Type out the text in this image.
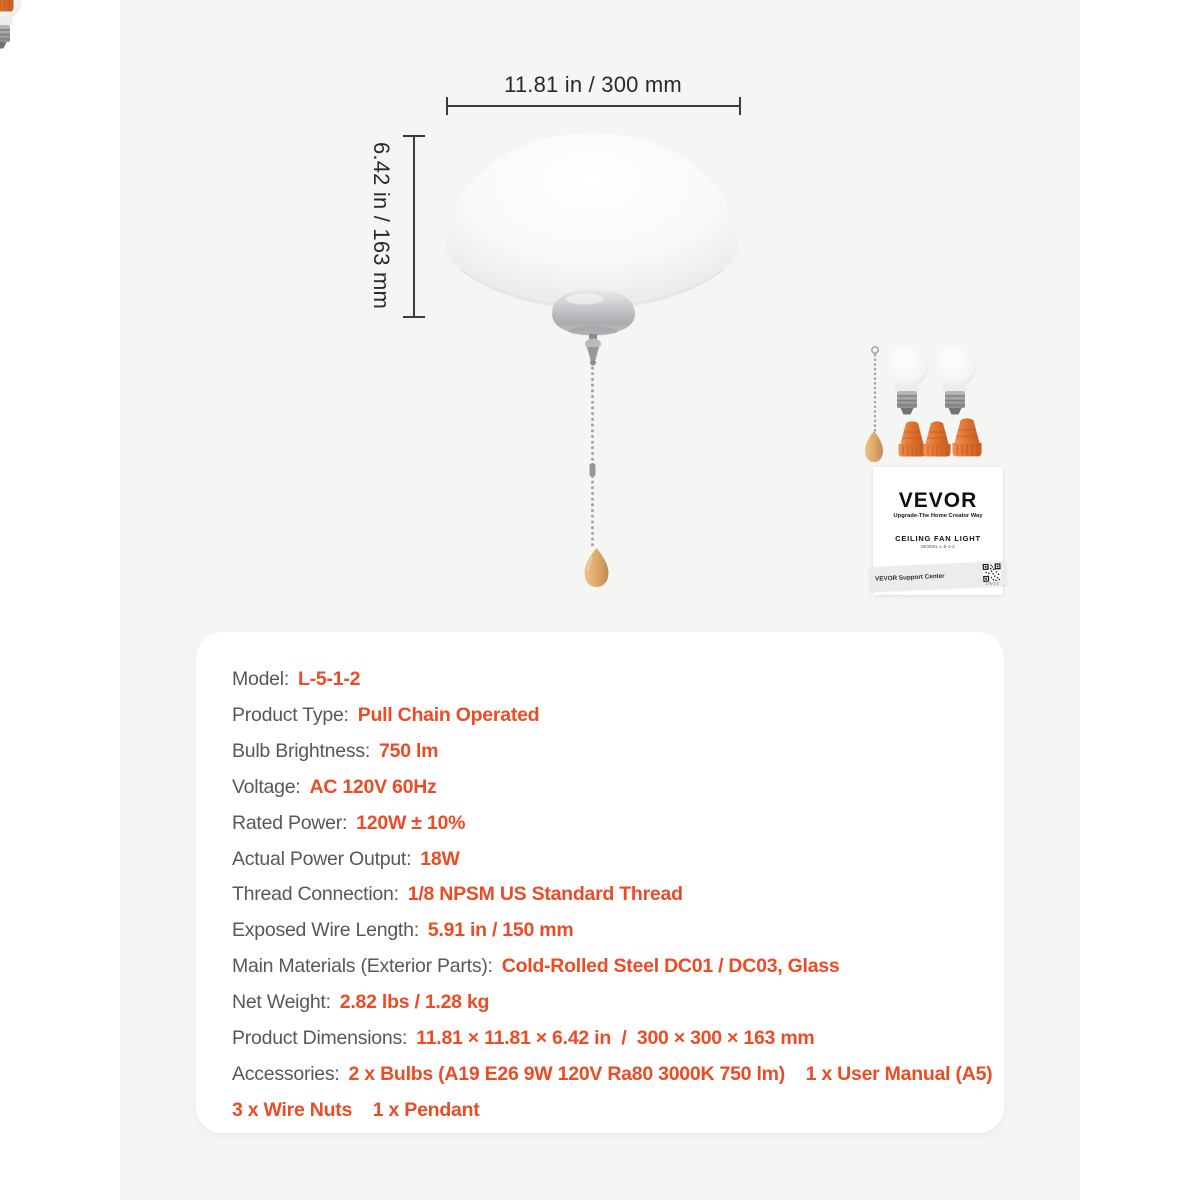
11.81 in / 300 mm
6.42 in / 163 mm
VEVOR
Upgrade-The Home Creator Way
CEILING FAN LIGHT
MODEL L-5-1-2
VEVOR Support Center
L-5-1-2
Model: L-5-1-2
Product Type: Pull Chain Operated
Bulb Brightness: 750 lm
Voltage: AC 120V 60Hz
Rated Power: 120W ± 10%
Actual Power Output: 18W
Thread Connection: 1/8 NPSM US Standard Thread
Exposed Wire Length: 5.91 in / 150 mm
Main Materials (Exterior Parts): Cold-Rolled Steel DC01 / DC03, Glass
Net Weight: 2.82 lbs / 1.28 kg
Product Dimensions: 11.81 × 11.81 × 6.42 in  /  300 × 300 × 163 mm
Accessories: 2 x Bulbs (A19 E26 9W 120V Ra80 3000K 750 lm)    1 x User Manual (A5)
3 x Wire Nuts    1 x Pendant
